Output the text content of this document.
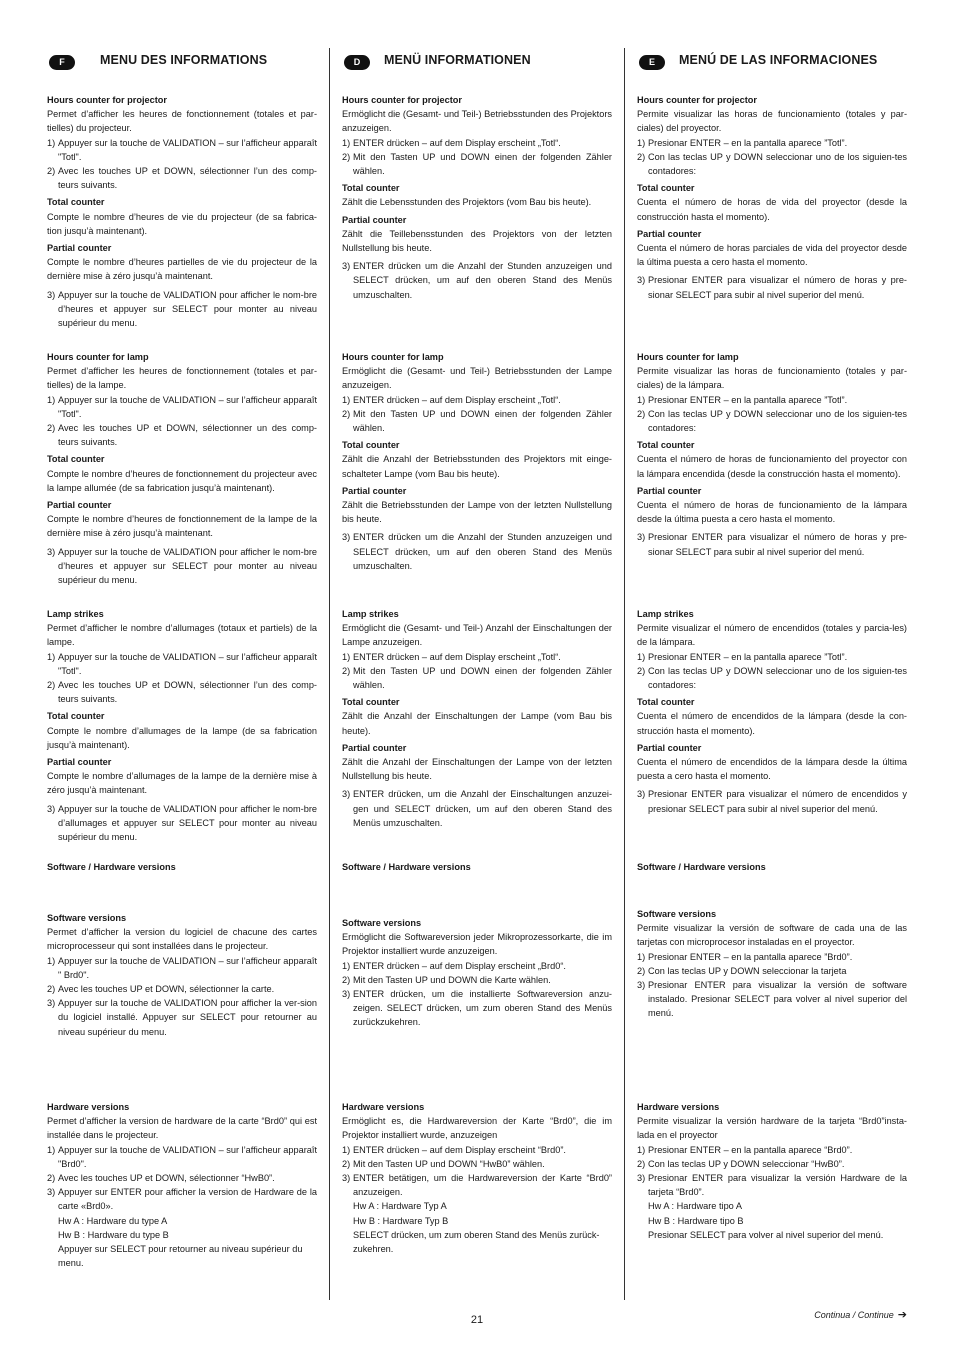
F	MENU DES INFORMATIONS
Hours counter for projector
Permet d’afficher les heures de fonctionnement (totales et par-tielles) du projecteur.
1) Appuyer sur la touche de VALIDATION – sur l’afficheur apparaît "Totl".
2) Avec les touches UP et DOWN, sélectionner l’un des comp-teurs suivants.
Total counter
Compte le nombre d’heures de vie du projecteur (de sa fabrica-tion jusqu’à maintenant).
Partial counter
Compte le nombre d’heures partielles de vie du projecteur de la dernière mise à zéro jusqu’à maintenant.
3) Appuyer sur la touche de VALIDATION pour afficher le nom-bre d’heures et appuyer sur SELECT pour monter au niveau supérieur du menu.
Hours counter for lamp
Permet d’afficher les heures de fonctionnement (totales et par-tielles) de la lampe.
1) Appuyer sur la touche de VALIDATION – sur l’afficheur apparaît "Totl".
2) Avec les touches UP et DOWN, sélectionner un des comp-teurs suivants.
Total counter
Compte le nombre d’heures de fonctionnement du projecteur avec la lampe allumée (de sa fabrication jusqu’à maintenant).
Partial counter
Compte le nombre d’heures de fonctionnement de la lampe de la dernière mise à zéro jusqu’à maintenant.
3) Appuyer sur la touche de VALIDATION pour afficher le nom-bre d’heures et appuyer sur SELECT pour monter au niveau supérieur du menu.
Lamp strikes
Permet d’afficher le nombre d’allumages (totaux et partiels) de la lampe.
1) Appuyer sur la touche de VALIDATION – sur l’afficheur apparaît "Totl".
2) Avec les touches UP et DOWN, sélectionner l’un des comp-teurs suivants.
Total counter
Compte le nombre d’allumages de la lampe (de sa fabrication jusqu’à maintenant).
Partial counter
Compte le nombre d’allumages de la lampe de la dernière mise à zéro jusqu’à maintenant.
3) Appuyer sur la touche de VALIDATION pour afficher le nom-bre d’allumages et appuyer sur SELECT pour monter au niveau supérieur du menu.
Software / Hardware versions
Software versions
Permet d’afficher la version du logiciel de chacune des cartes microprocesseur qui sont installées dans le projecteur.
1) Appuyer sur la touche de VALIDATION – sur l’afficheur apparaît " Brd0".
2) Avec les touches UP et DOWN, sélectionner la carte.
3) Appuyer sur la touche de VALIDATION pour afficher la ver-sion du logiciel installé. Appuyer sur SELECT pour retourner au niveau supérieur du menu.
Hardware versions
Permet d’afficher la version de hardware de la carte “Brd0” qui est installée dans le projecteur.
1) Appuyer sur la touche de VALIDATION – sur l’afficheur apparaît "Brd0".
2) Avec les touches UP et DOWN, sélectionner “HwB0”.
3) Appuyer sur ENTER pour afficher la version de Hardware de la carte «Brd0».
Hw A : Hardware du type A
Hw B : Hardware du type B
Appuyer sur SELECT pour retourner au niveau supérieur du menu.
D	MENÜ INFORMATIONEN
Hours counter for projector
Ermöglicht die (Gesamt- und Teil-) Betriebsstunden des Projektors anzuzeigen.
1) ENTER drücken – auf dem Display erscheint „Totl“.
2) Mit den Tasten UP und DOWN einen der folgenden Zähler wählen.
Total counter
Zählt die Lebensstunden des Projektors (vom Bau bis heute).
Partial counter
Zählt die Teillebensstunden des Projektors von der letzten Nullstellung bis heute.
3) ENTER drücken um die Anzahl der Stunden anzuzeigen und SELECT drücken, um auf den oberen Stand des Menüs umzuschalten.
Hours counter for lamp
Ermöglicht die (Gesamt- und Teil-) Betriebsstunden der Lampe anzuzeigen.
1) ENTER drücken – auf dem Display erscheint „Totl“.
2) Mit den Tasten UP und DOWN einen der folgenden Zähler wählen.
Total counter
Zählt die Anzahl der Betriebsstunden des Projektors mit einge-schalteter Lampe (vom Bau bis heute).
Partial counter
Zählt die Betriebsstunden der Lampe von der letzten Nullstellung bis heute.
3) ENTER drücken um die Anzahl der Stunden anzuzeigen und SELECT drücken, um auf den oberen Stand des Menüs umzuschalten.
Lamp strikes
Ermöglicht die (Gesamt- und Teil-) Anzahl der Einschaltungen der Lampe anzuzeigen.
1) ENTER drücken – auf dem Display erscheint „Totl“.
2) Mit den Tasten UP und DOWN einen der folgenden Zähler wählen.
Total counter
Zählt die Anzahl der Einschaltungen der Lampe (vom Bau bis heute).
Partial counter
Zählt die Anzahl der Einschaltungen der Lampe von der letzten Nullstellung bis heute.
3) ENTER drücken, um die Anzahl der Einschaltungen anzuzei-gen und SELECT drücken, um auf den oberen Stand des Menüs umzuschalten.
Software / Hardware versions
Software versions
Ermöglicht die Softwareversion jeder Mikroprozessorkarte, die im Projektor installiert wurde anzuzeigen.
1) ENTER drücken – auf dem Display erscheint „Brd0“.
2) Mit den Tasten UP und DOWN die Karte wählen.
3) ENTER drücken, um die installierte Softwareversion anzu-zeigen. SELECT drücken, um zum oberen Stand des Menüs zurückzukehren.
Hardware versions
Ermöglicht es, die Hardwareversion der Karte “Brd0”, die im Projektor installiert wurde, anzuzeigen
1) ENTER drücken – auf dem Display erscheint “Brd0”.
2) Mit den Tasten UP und DOWN “HwB0” wählen.
3) ENTER betätigen, um die Hardwareversion der Karte “Brd0” anzuzeigen.
Hw A : Hardware Typ A
Hw B : Hardware Typ B
SELECT drücken, um zum oberen Stand des Menüs zurück-zukehren.
E	MENÚ DE LAS INFORMACIONES
Hours counter for projector
Permite visualizar las horas de funcionamiento (totales y par-ciales) del proyector.
1) Presionar ENTER – en la pantalla aparece ”Totl”.
2) Con las teclas UP y DOWN seleccionar uno de los siguien-tes contadores:
Total counter
Cuenta el número de horas de vida del proyector (desde la construcción hasta el momento).
Partial counter
Cuenta el número de horas parciales de vida del proyector desde la última puesta a cero hasta el momento.
3) Presionar ENTER para visualizar el número de horas y pre-sionar SELECT para subir al nivel superior del menú.
Hours counter for lamp
Permite visualizar las horas de funcionamiento (totales y par-ciales) de la lámpara.
1) Presionar ENTER – en la pantalla aparece ”Totl”.
2) Con las teclas UP y DOWN seleccionar uno de los siguien-tes contadores:
Total counter
Cuenta el número de horas de funcionamiento del proyector con la lámpara encendida (desde la construcción hasta el momento).
Partial counter
Cuenta el número de horas de funcionamiento de la lámpara desde la última puesta a cero hasta el momento.
3) Presionar ENTER para visualizar el número de horas y pre-sionar SELECT para subir al nivel superior del menú.
Lamp strikes
Permite visualizar el número de encendidos (totales y parcia-les) de la lámpara.
1) Presionar ENTER – en la pantalla aparece ”Totl”.
2) Con las teclas UP y DOWN seleccionar uno de los siguien-tes contadores:
Total counter
Cuenta el número de encendidos de la lámpara (desde la con-strucción hasta el momento).
Partial counter
Cuenta el número de encendidos de la lámpara desde la última puesta a cero hasta el momento.
3) Presionar ENTER para visualizar el número de encendidos y presionar SELECT para subir al nivel superior del menú.
Software / Hardware versions
Software versions
Permite visualizar la versión de software de cada una de las tarjetas con microprocesor instaladas en el proyector.
1) Presionar ENTER – en la pantalla aparece ”Brd0”.
2) Con las teclas UP y DOWN seleccionar la tarjeta
3) Presionar ENTER para visualizar la versión de software instalado. Presionar SELECT para volver al nivel superior del menú.
Hardware versions
Permite visualizar la versión hardware de la tarjeta “Brd0”insta-lada en el proyector
1) Presionar ENTER – en la pantalla aparece “Brd0”.
2) Con las teclas UP y DOWN seleccionar “HwB0”.
3) Presionar ENTER para visualizar la versión Hardware de la tarjeta “Brd0”.
Hw A : Hardware tipo A
Hw B : Hardware tipo B
Presionar SELECT para volver al nivel superior del menú.
21	Continua / Continue ➔
